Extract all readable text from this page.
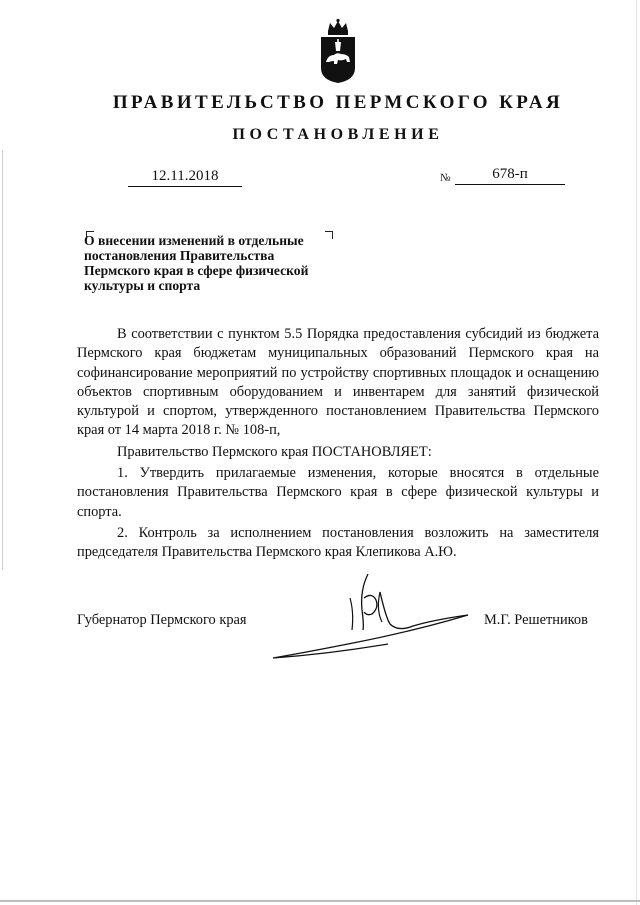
ПРАВИТЕЛЬСТВО ПЕРМСКОГО КРАЯ
ПОСТАНОВЛЕНИЕ
12.11.2018	№	678-п
О внесении изменений в отдельные
постановления Правительства
Пермского края в сфере физической
культуры и спорта

В соответствии с пунктом 5.5 Порядка предоставления субсидий из бюджета Пермского края бюджетам муниципальных образований Пермского края на софинансирование мероприятий по устройству спортивных площадок и оснащению объектов спортивным оборудованием и инвентарем для занятий физической культурой и спортом, утвержденного постановлением Правительства Пермского края от 14 марта 2018 г. № 108-п,

Правительство Пермского края ПОСТАНОВЛЯЕТ:

1. Утвердить прилагаемые изменения, которые вносятся в отдельные постановления Правительства Пермского края в сфере физической культуры и спорта.

2. Контроль за исполнением постановления возложить на заместителя председателя Правительства Пермского края Клепикова А.Ю.

Губернатор Пермского края	М.Г. Решетников
